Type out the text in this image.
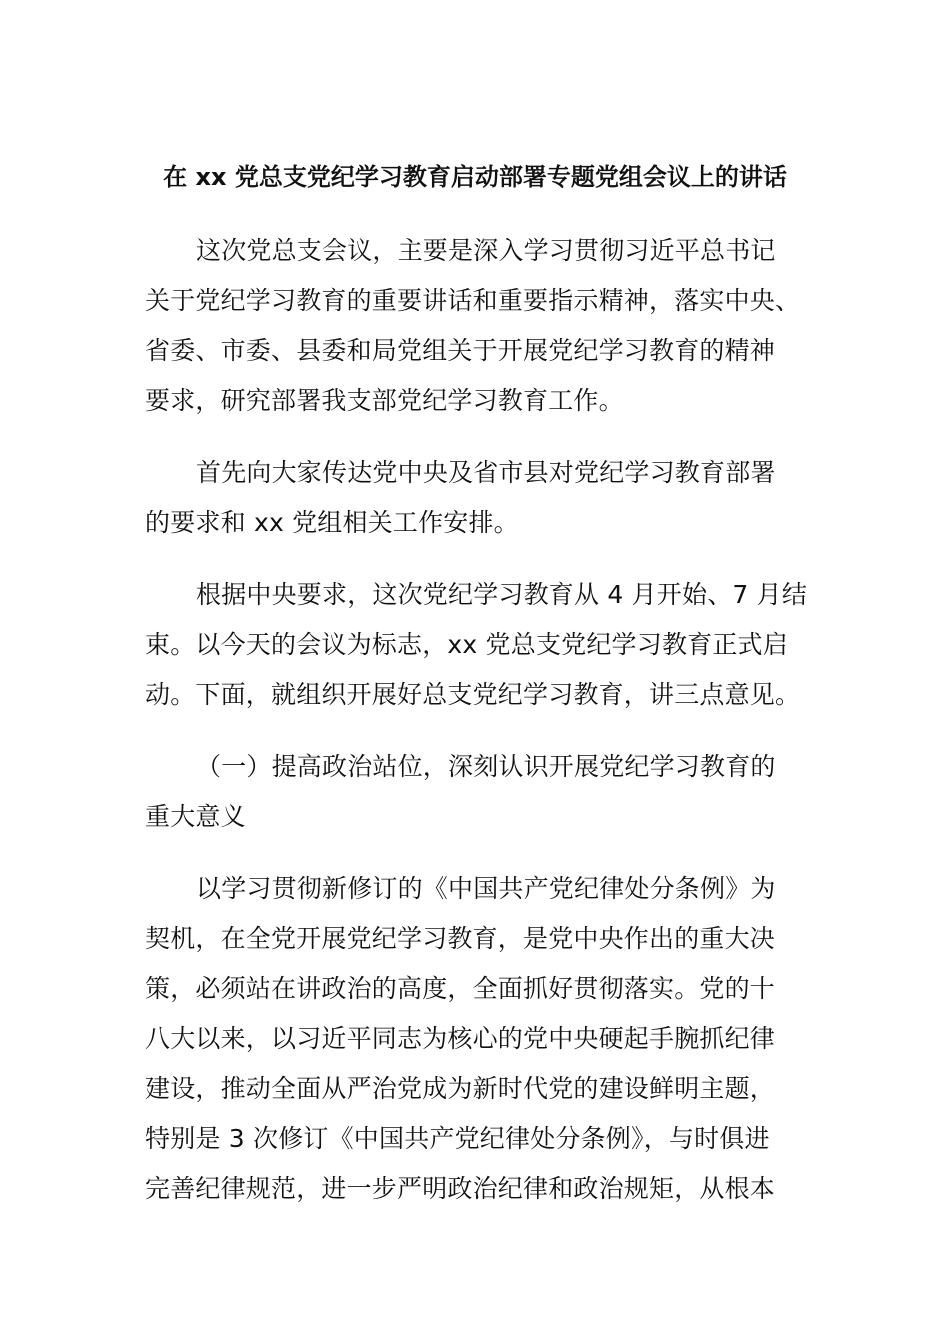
在 xx 党总支党纪学习教育启动部署专题党组会议上的讲话
这次党总支会议，主要是深入学习贯彻习近平总书记
关于党纪学习教育的重要讲话和重要指示精神，落实中央、
省委、市委、县委和局党组关于开展党纪学习教育的精神
要求，研究部署我支部党纪学习教育工作。
首先向大家传达党中央及省市县对党纪学习教育部署
的要求和 xx 党组相关工作安排。
根据中央要求，这次党纪学习教育从 4 月开始、7 月结
束。以今天的会议为标志，xx 党总支党纪学习教育正式启
动。下面，就组织开展好总支党纪学习教育，讲三点意见。
（一）提高政治站位，深刻认识开展党纪学习教育的
重大意义
以学习贯彻新修订的《中国共产党纪律处分条例》为
契机，在全党开展党纪学习教育，是党中央作出的重大决
策，必须站在讲政治的高度，全面抓好贯彻落实。党的十
八大以来，以习近平同志为核心的党中央硬起手腕抓纪律
建设，推动全面从严治党成为新时代党的建设鲜明主题，
特别是 3 次修订《中国共产党纪律处分条例》，与时俱进
完善纪律规范，进一步严明政治纪律和政治规矩，从根本
